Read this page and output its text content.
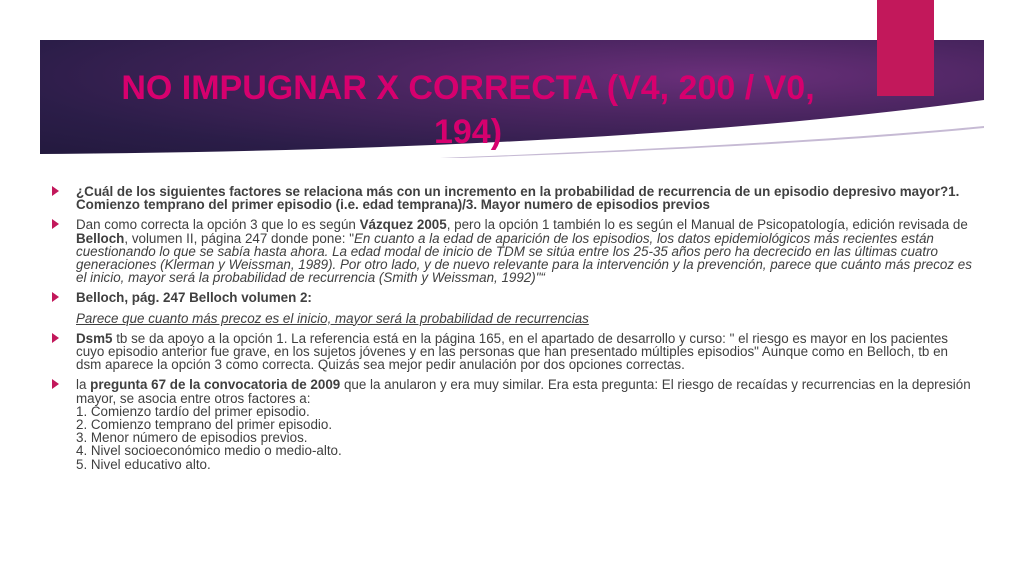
NO IMPUGNAR X CORRECTA (V4, 200 / V0, 194)
¿Cuál de los siguientes factores se relaciona más con un incremento en la probabilidad de recurrencia de un episodio depresivo mayor?1. Comienzo temprano del primer episodio (i.e. edad temprana)/3. Mayor numero de episodios previos
Dan como correcta la opción 3 que lo es según Vázquez 2005, pero la opción 1 también lo es según el Manual de Psicopatología, edición revisada de Belloch, volumen II, página 247 donde pone: "En cuanto a la edad de aparición de los episodios, los datos epidemiológicos más recientes están cuestionando lo que se sabía hasta ahora. La edad modal de inicio de TDM se sitúa entre los 25-35 años pero ha decrecido en las últimas cuatro generaciones (Klerman y Weissman, 1989). Por otro lado, y de nuevo relevante para la intervención y la prevención, parece que cuánto más precoz es el inicio, mayor será la probabilidad de recurrencia (Smith y Weissman, 1992)"“
Belloch, pág. 247 Belloch volumen 2:
Parece que cuanto más precoz es el inicio, mayor será la probabilidad de recurrencias
Dsm5 tb se da apoyo a la opción 1. La referencia está en la página 165, en el apartado de desarrollo y curso: " el riesgo es mayor en los pacientes cuyo episodio anterior fue grave, en los sujetos jóvenes y en las personas que han presentado múltiples episodios" Aunque como en Belloch, tb en dsm aparece la opción 3 como correcta. Quizás sea mejor pedir anulación por dos opciones correctas.
la pregunta 67 de la convocatoria de 2009 que la anularon y era muy similar. Era esta pregunta: El riesgo de recaídas y recurrencias en la depresión mayor, se asocia entre otros factores a:
1. Comienzo tardío del primer episodio.
2. Comienzo temprano del primer episodio.
3. Menor número de episodios previos.
4. Nivel socioeconómico medio o medio-alto.
5. Nivel educativo alto.
